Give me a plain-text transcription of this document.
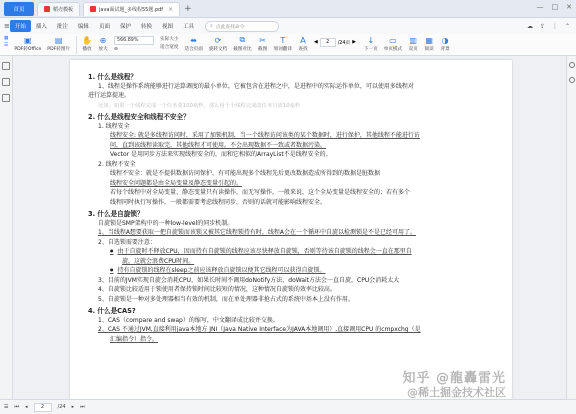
首页	稻壳模板	java面试题_多线程55题.pdf × +	— □ ✕
≡ 开始	插入	批注	编辑	页面	保护	转换	视图	工具	⌕ 点此查找命令	☁ ⇪ ⋮ ⌃
▦
☰
▣
PDF转Office
▤
PDF转图片
✋
播放
⊕
放大
566.89%
⊖
实际大小
适合宽度
⬌
适合页面
⟳
旋转文档
⧉
截图对比
✂
截图
T
划词翻译
A
查找
◀ 2 /24页 ▶ ↓
下一页
▭
单页模式
▥
双页
▦
阅读
◑
背景
1. 什么是线程？
1、线程是操作系统能够进行运算调度的最小单位，它被包含在进程之中，是进程中的实际运作单位，可以使用多线程对
进行运算提速。
比如，如果一个线程完成一个任务要100毫秒，那么用十个线程完成改任务只需10毫秒
2. 什么是线程安全和线程不安全？
1. 线程安全
线程安全: 就是多线程访问时，采用了加锁机制，当一个线程访问该类的某个数据时，进行保护，其他线程不能进行访
问，直到该线程读取完，其他线程才可使用。不会出现数据不一致或者数据污染。
Vector 是用同步方法来实现线程安全的，而和它相似的ArrayList不是线程安全的。
2. 线程不安全
线程不安全：就是不提供数据访问保护，有可能出现多个线程先后更改数据造成所得到的数据是脏数据
线程安全问题都是由全局变量及静态变量引起的。
若每个线程中对全局变量、静态变量只有读操作，而无写操作，一般来说，这个全局变量是线程安全的；若有多个
线程同时执行写操作，一般都需要考虑线程同步，否则的话就可能影响线程安全。
3. 什么是自旋锁？
自旋锁是SMP架构中的一种low-level的同步机制。
1、当线程A想要获取一把自旋锁而该锁又被其它线程锁持有时，线程A会在一个循环中自旋以检测锁是不是已经可用了。
2、自选锁需要注意：
● 由于自旋时不释放CPU，因而持有自旋锁的线程应该尽快释放自旋锁，否则等待该自旋锁的线程会一直在那里自
旋，这就会浪费CPU时间。
● 持有自旋锁的线程在sleep之前应该释放自旋锁以便其它线程可以获得自旋锁。
3、目前的JVM实现自旋会消耗CPU，如果长时间不调用doNotify方法，doWait方法会一直自旋，CPU会消耗太大
4、自旋锁比较适用于锁使用者保持锁时间比较短的情况，这种情况自旋锁的效率比较高。
5、自旋锁是一种对多处理器相当有效的机制，而在单处理器非抢占式的系统中基本上没有作用。
4. 什么是CAS?
1、CAS（compare and swap）的缩写，中文翻译成比较并交换。
2、CAS 不通过JVM,直接利用java本地方 JNI（Java Native Interface为JAVA本地调用）,直接调用CPU 的cmpxchg（是
汇编指令）指令。
知乎 @龍轟雷光
@稀土掘金技术社区
☰ ⏮ ◂	2	/24 ▸ ⏭
